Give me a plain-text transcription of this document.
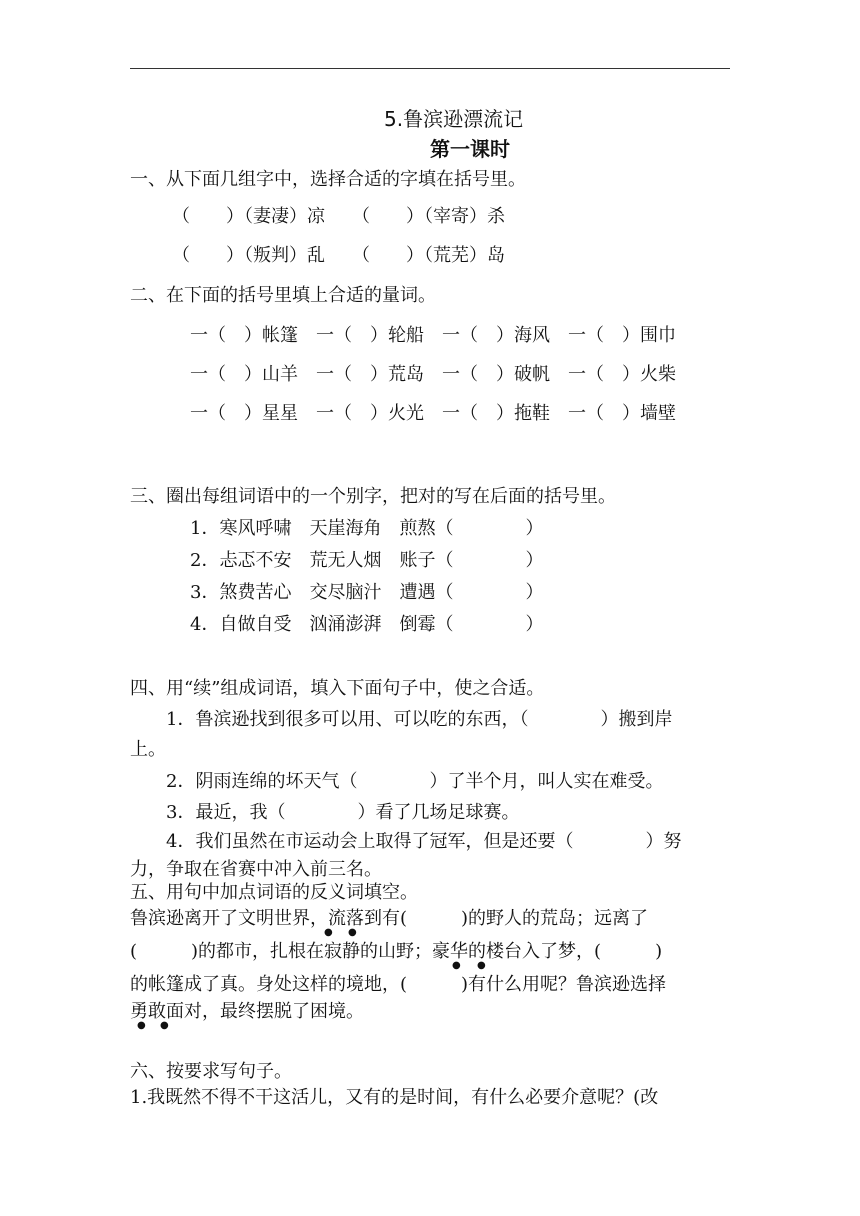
5.鲁滨逊漂流记
第一课时
一、从下面几组字中，选择合适的字填在括号里。
（　　）（妻凄）凉　　（　　）（宰寄）杀
（　　）（叛判）乱　　（　　）（荒芜）岛
二、在下面的括号里填上合适的量词。
一（　）帐篷　一（　）轮船　一（　）海风　一（　）围巾
一（　）山羊　一（　）荒岛　一（　）破帆　一（　）火柴
一（　）星星　一（　）火光　一（　）拖鞋　一（　）墙壁
三、圈出每组词语中的一个别字，把对的写在后面的括号里。
1．寒风呼啸　天崖海角　煎熬（　　　　）
2．忐忑不安　荒无人烟　账子（　　　　）
3．煞费苦心　交尽脑汁　遭遇（　　　　）
4．自做自受　汹涌澎湃　倒霉（　　　　）
四、用“续”组成词语，填入下面句子中，使之合适。
1．鲁滨逊找到很多可以用、可以吃的东西，（　　　　）搬到岸
上。
2．阴雨连绵的坏天气（　　　　）了半个月，叫人实在难受。
3．最近，我（　　　　）看了几场足球赛。
4．我们虽然在市运动会上取得了冠军，但是还要（　　　　）努
力，争取在省赛中冲入前三名。
五、用句中加点词语的反义词填空。
鲁滨逊离开了文明世界，流落到有(　　　)的野人的荒岛；远离了
(　　　)的都市，扎根在寂静的山野；豪华的楼台入了梦，(　　　)
的帐篷成了真。身处这样的境地，(　　　)有什么用呢？鲁滨逊选择
勇敢面对，最终摆脱了困境。
● ●
● ●
● ●
六、按要求写句子。
1.我既然不得不干这活儿，又有的是时间，有什么必要介意呢？(改
